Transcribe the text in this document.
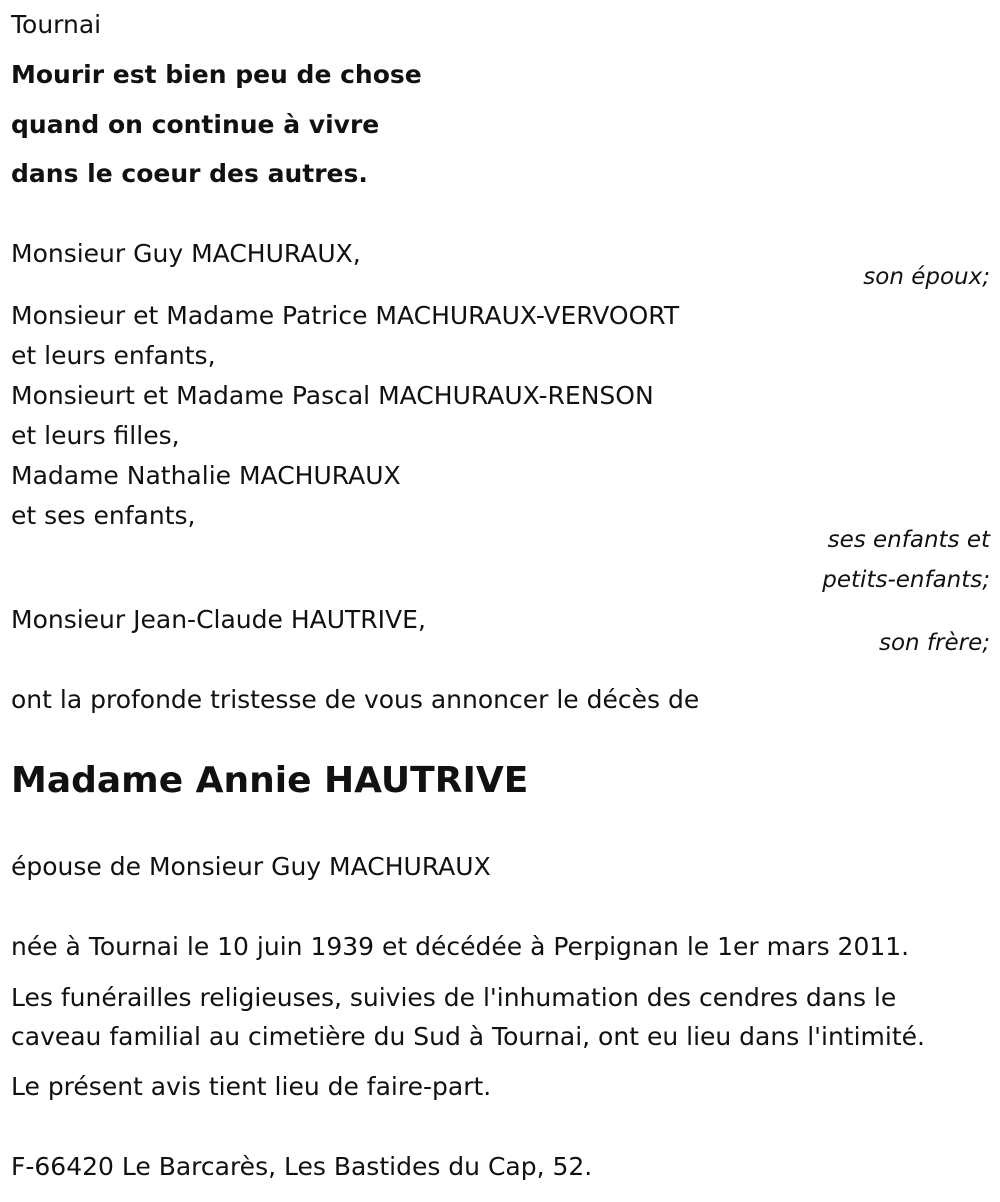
Tournai
Mourir est bien peu de chose
quand on continue à vivre
dans le coeur des autres.
Monsieur Guy MACHURAUX,
son époux;
Monsieur et Madame Patrice MACHURAUX-VERVOORT
et leurs enfants,
Monsieurt et Madame Pascal MACHURAUX-RENSON
et leurs filles,
Madame Nathalie MACHURAUX
et ses enfants,
ses enfants et
petits-enfants;
Monsieur Jean-Claude HAUTRIVE,
son frère;
ont la profonde tristesse de vous annoncer le décès de
Madame Annie HAUTRIVE
épouse de Monsieur Guy MACHURAUX
née à Tournai le 10 juin 1939 et décédée à Perpignan le 1er mars 2011.
Les funérailles religieuses, suivies de l'inhumation des cendres dans le
caveau familial au cimetière du Sud à Tournai, ont eu lieu dans l'intimité.
Le présent avis tient lieu de faire-part.
F-66420 Le Barcarès, Les Bastides du Cap, 52.
